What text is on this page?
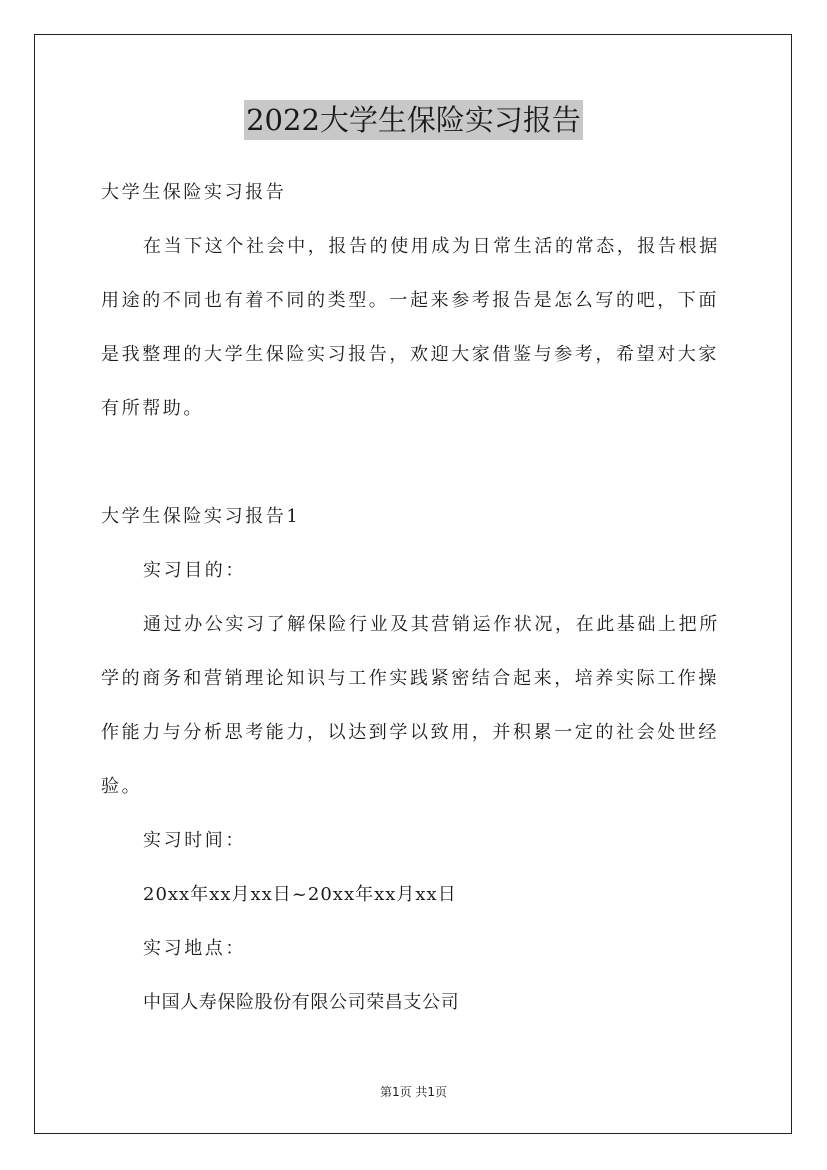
2022大学生保险实习报告
大学生保险实习报告
在当下这个社会中，报告的使用成为日常生活的常态，报告根据
用途的不同也有着不同的类型。一起来参考报告是怎么写的吧，下面
是我整理的大学生保险实习报告，欢迎大家借鉴与参考，希望对大家
有所帮助。
大学生保险实习报告1
实习目的：
通过办公实习了解保险行业及其营销运作状况，在此基础上把所
学的商务和营销理论知识与工作实践紧密结合起来，培养实际工作操
作能力与分析思考能力，以达到学以致用，并积累一定的社会处世经
验。
实习时间：
20xx年xx月xx日~20xx年xx月xx日
实习地点：
中国人寿保险股份有限公司荣昌支公司
第1页 共1页
